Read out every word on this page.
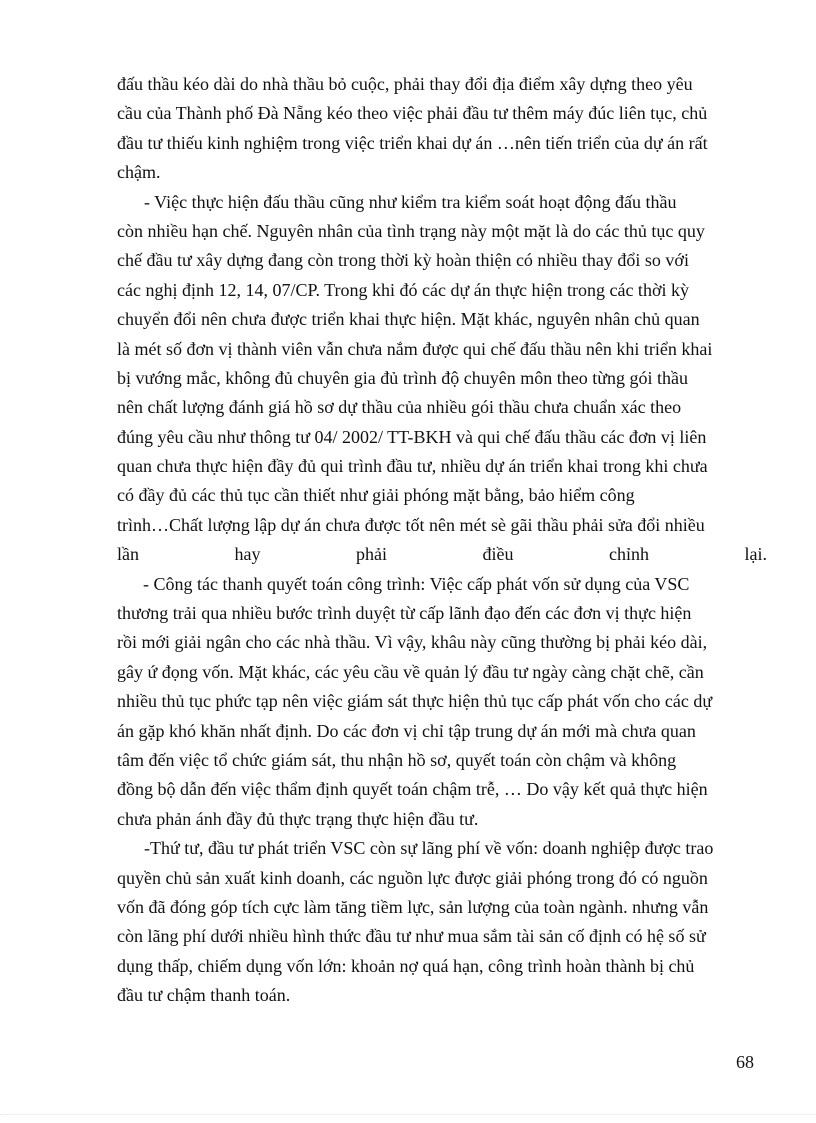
đấu thầu kéo dài do nhà thầu bỏ cuộc, phải thay đổi địa điểm xây dựng theo yêu
cầu của Thành phố Đà Nẵng kéo theo việc phải đầu tư thêm máy đúc liên tục, chủ
đầu tư thiếu kinh nghiệm trong việc triển khai dự án …nên tiến triển của dự án rất
chậm.
- Việc thực hiện đấu thầu cũng như kiểm tra kiểm soát hoạt động đấu thầu
còn nhiều hạn chế. Nguyên nhân của tình trạng này một mặt là do các thủ tục quy
chế đầu tư xây dựng đang còn trong thời kỳ hoàn thiện có nhiều thay đổi so với
các nghị định 12, 14, 07/CP. Trong khi đó các dự án thực hiện trong các thời kỳ
chuyển đổi nên chưa được triển khai thực hiện. Mặt khác, nguyên nhân chủ quan
là mét số đơn vị thành viên vẫn chưa nắm được qui chế đấu thầu nên khi triển khai
bị vướng mắc, không đủ chuyên gia đủ trình độ chuyên môn theo từng gói thầu
nên chất lượng đánh giá hồ sơ dự thầu của nhiều gói thầu chưa chuẩn xác theo
đúng yêu cầu như thông tư 04/ 2002/ TT-BKH và qui chế đấu thầu các đơn vị liên
quan chưa thực hiện đầy đủ qui trình đầu tư, nhiều dự án triển khai trong khi chưa
có đầy đủ các thủ tục cần thiết như giải phóng mặt bằng, bảo hiểm công
trình…Chất lượng lập dự án chưa được tốt nên mét sè gãi thầu phải sửa đổi nhiều
lần	hay	phải	điều	chỉnh	lại.
- Công tác thanh quyết toán công trình: Việc cấp phát vốn sử dụng của VSC
thương trải qua nhiều bước trình duyệt từ cấp lãnh đạo đến các đơn vị thực hiện
rồi mới giải ngân cho các nhà thầu. Vì vậy, khâu này cũng thường bị phải kéo dài,
gây ứ đọng vốn. Mặt khác, các yêu cầu về quản lý đầu tư ngày càng chặt chẽ, cần
nhiều thủ tục phức tạp nên việc giám sát thực hiện thủ tục cấp phát vốn cho các dự
án gặp khó khăn nhất định. Do các đơn vị chỉ tập trung dự án mới mà chưa quan
tâm đến việc tổ chức giám sát, thu nhận hồ sơ, quyết toán còn chậm và không
đồng bộ dẫn đến việc thẩm định quyết toán chậm trễ, … Do vậy kết quả thực hiện
chưa phản ánh đầy đủ thực trạng thực hiện đầu tư.
-Thứ tư, đầu tư phát triển VSC còn sự lãng phí về vốn: doanh nghiệp được trao
quyền chủ sản xuất kinh doanh, các nguồn lực được giải phóng trong đó có nguồn
vốn đã đóng góp tích cực làm tăng tiềm lực, sản lượng của toàn ngành. nhưng vẫn
còn lãng phí dưới nhiều hình thức đầu tư như mua sắm tài sản cố định có hệ số sử
dụng thấp, chiếm dụng vốn lớn: khoản nợ quá hạn, công trình hoàn thành bị chủ
đầu tư chậm thanh toán.
68
